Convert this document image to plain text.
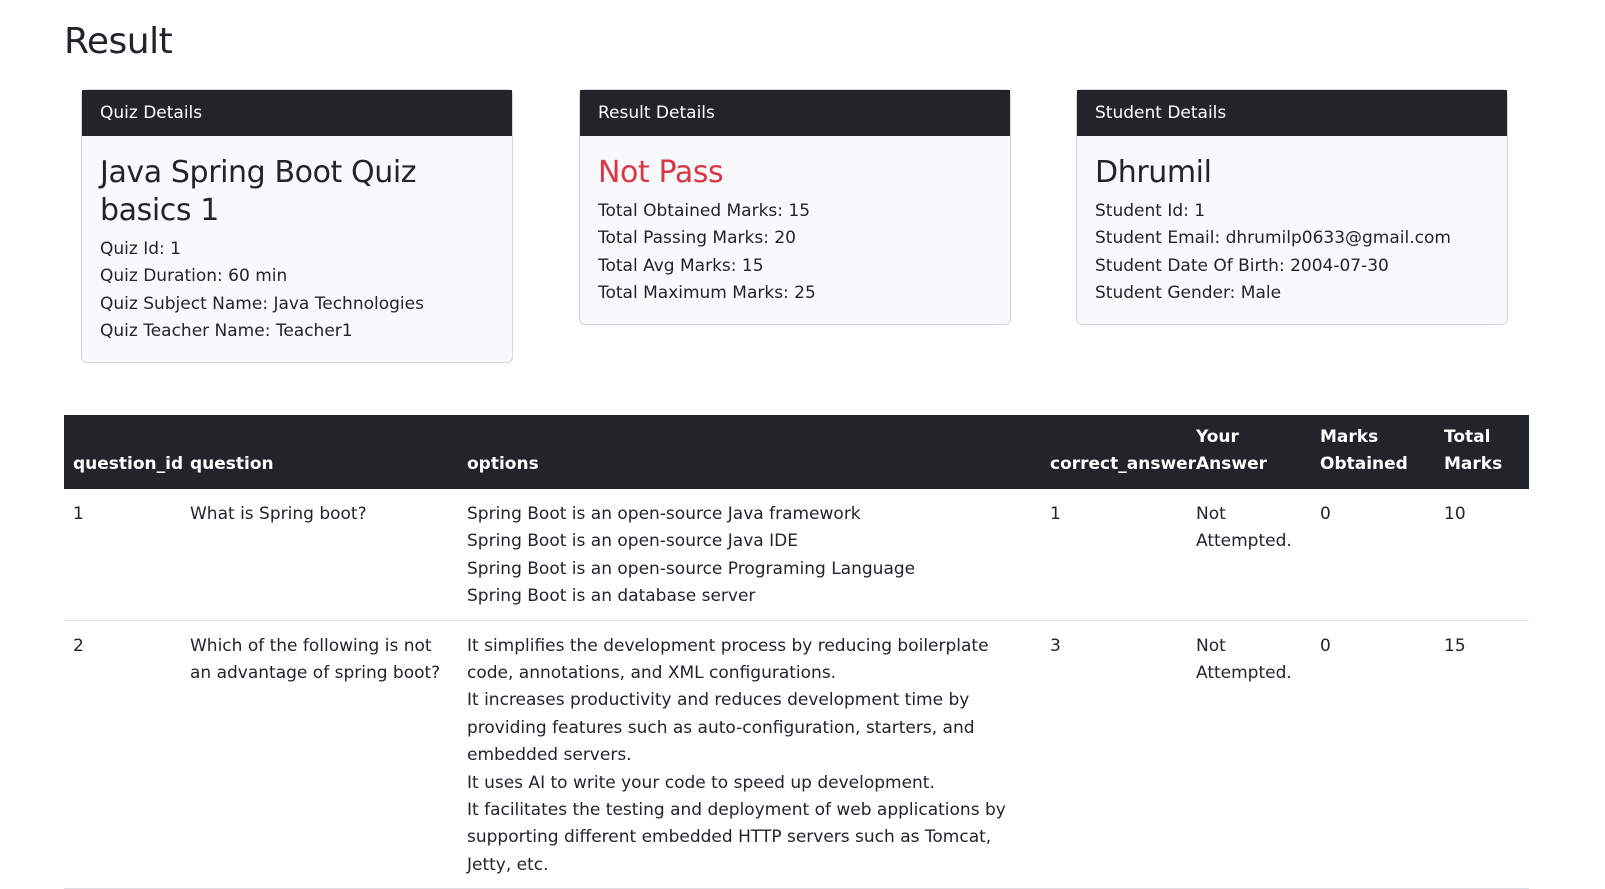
Result
Quiz Details
Java Spring Boot Quiz basics 1
Quiz Id: 1
Quiz Duration: 60 min
Quiz Subject Name: Java Technologies
Quiz Teacher Name: Teacher1
Result Details
Not Pass
Total Obtained Marks: 15
Total Passing Marks: 20
Total Avg Marks: 15
Total Maximum Marks: 25
Student Details
Dhrumil
Student Id: 1
Student Email: dhrumilp0633@gmail.com
Student Date Of Birth: 2004-07-30
Student Gender: Male
question_id	question	options	correct_answer	Your Answer	Marks Obtained	Total Marks
1	What is Spring boot?	Spring Boot is an open-source Java framework
Spring Boot is an open-source Java IDE
Spring Boot is an open-source Programing Language
Spring Boot is an database server	1	Not Attempted.	0	10
2	Which of the following is not an advantage of spring boot?	It simplifies the development process by reducing boilerplate code, annotations, and XML configurations.
It increases productivity and reduces development time by providing features such as auto-configuration, starters, and embedded servers.
It uses AI to write your code to speed up development.
It facilitates the testing and deployment of web applications by supporting different embedded HTTP servers such as Tomcat, Jetty, etc.	3	Not Attempted.	0	15
